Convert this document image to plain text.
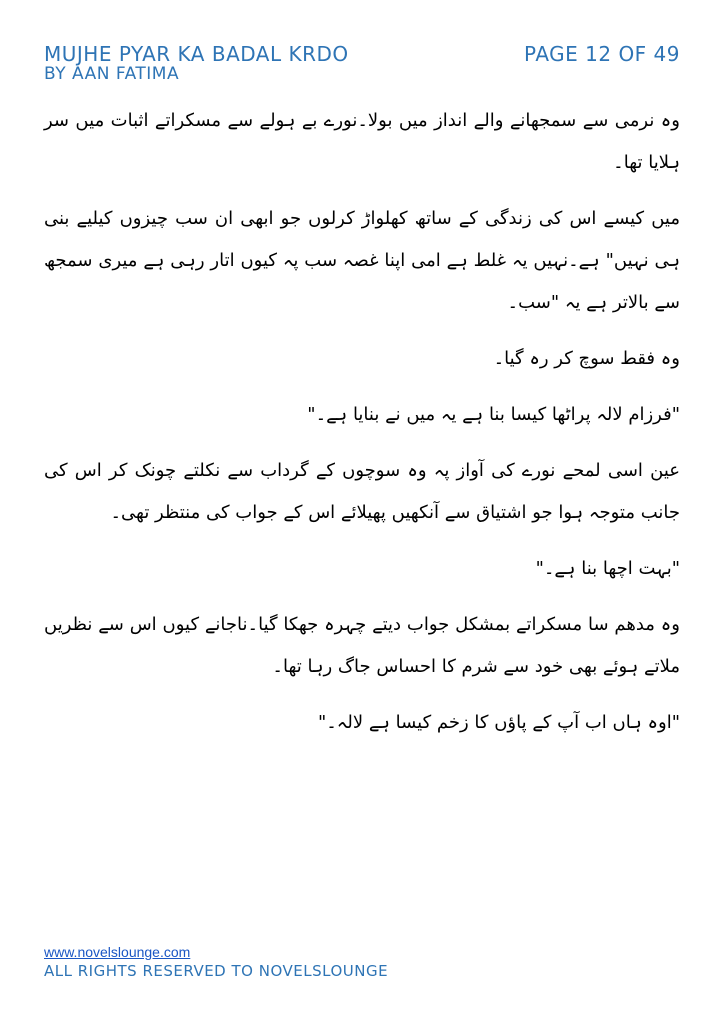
MUJHE PYAR KA BADAL KRDO
BY AAN FATIMA
PAGE 12 OF 49

وہ نرمی سے سمجھانے والے انداز میں بولا۔نورے بے ہولے سے مسکراتے اثبات میں سر ہلایا تھا۔

میں کیسے اس کی زندگی کے ساتھ کھلواڑ کرلوں جو ابھی ان سب چیزوں کیلیے بنی ہی نہیں" ہے۔نہیں یہ غلط ہے امی اپنا غصہ سب پہ کیوں اتار رہی ہے میری سمجھ سے بالاتر ہے یہ "سب۔

وہ فقط سوچ کر رہ گیا۔

"فرزام لالہ پراٹھا کیسا بنا ہے یہ میں نے بنایا ہے۔"

عین اسی لمحے نورے کی آواز پہ وہ سوچوں کے گرداب سے نکلتے چونک کر اس کی جانب متوجہ ہوا جو اشتیاق سے آنکھیں پھیلائے اس کے جواب کی منتظر تھی۔

"بہت اچھا بنا ہے۔"

وہ مدھم سا مسکراتے بمشکل جواب دیتے چہرہ جھکا گیا۔ناجانے کیوں اس سے نظریں ملاتے ہوئے بھی خود سے شرم کا احساس جاگ رہا تھا۔

"اوہ ہاں اب آپ کے پاؤں کا زخم کیسا ہے لالہ۔"

www.novelslounge.com
ALL RIGHTS RESERVED TO NOVELSLOUNGE
